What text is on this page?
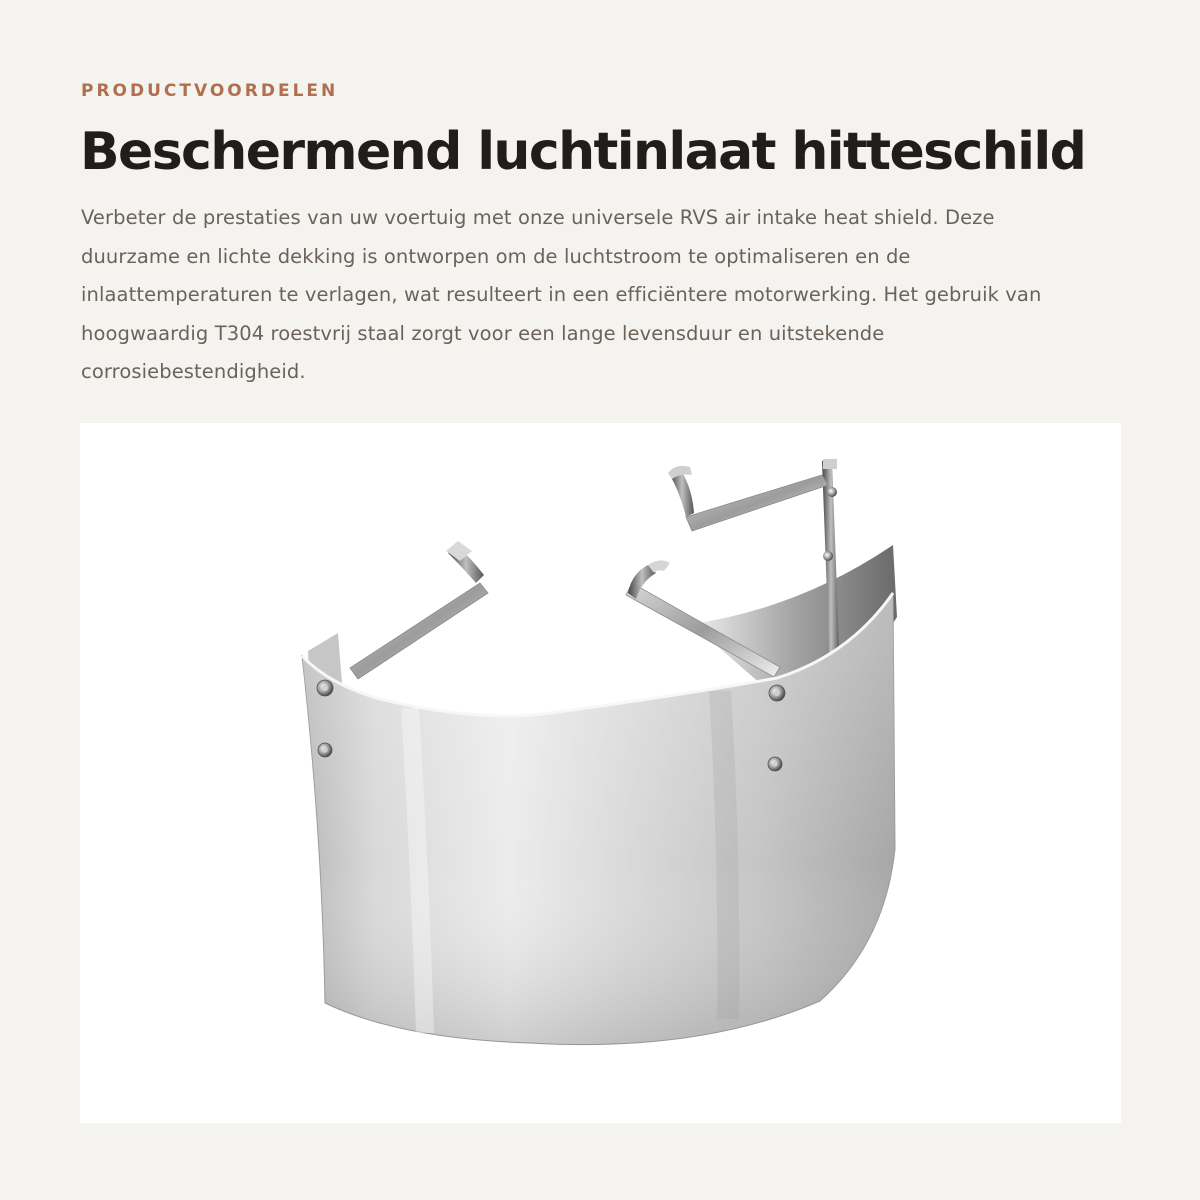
PRODUCTVOORDELEN
Beschermend luchtinlaat hitteschild

Verbeter de prestaties van uw voertuig met onze universele RVS air intake heat shield. Deze duurzame en lichte dekking is ontworpen om de luchtstroom te optimaliseren en de inlaattemperaturen te verlagen, wat resulteert in een efficiëntere motorwerking. Het gebruik van hoogwaardig T304 roestvrij staal zorgt voor een lange levensduur en uitstekende corrosiebestendigheid.
